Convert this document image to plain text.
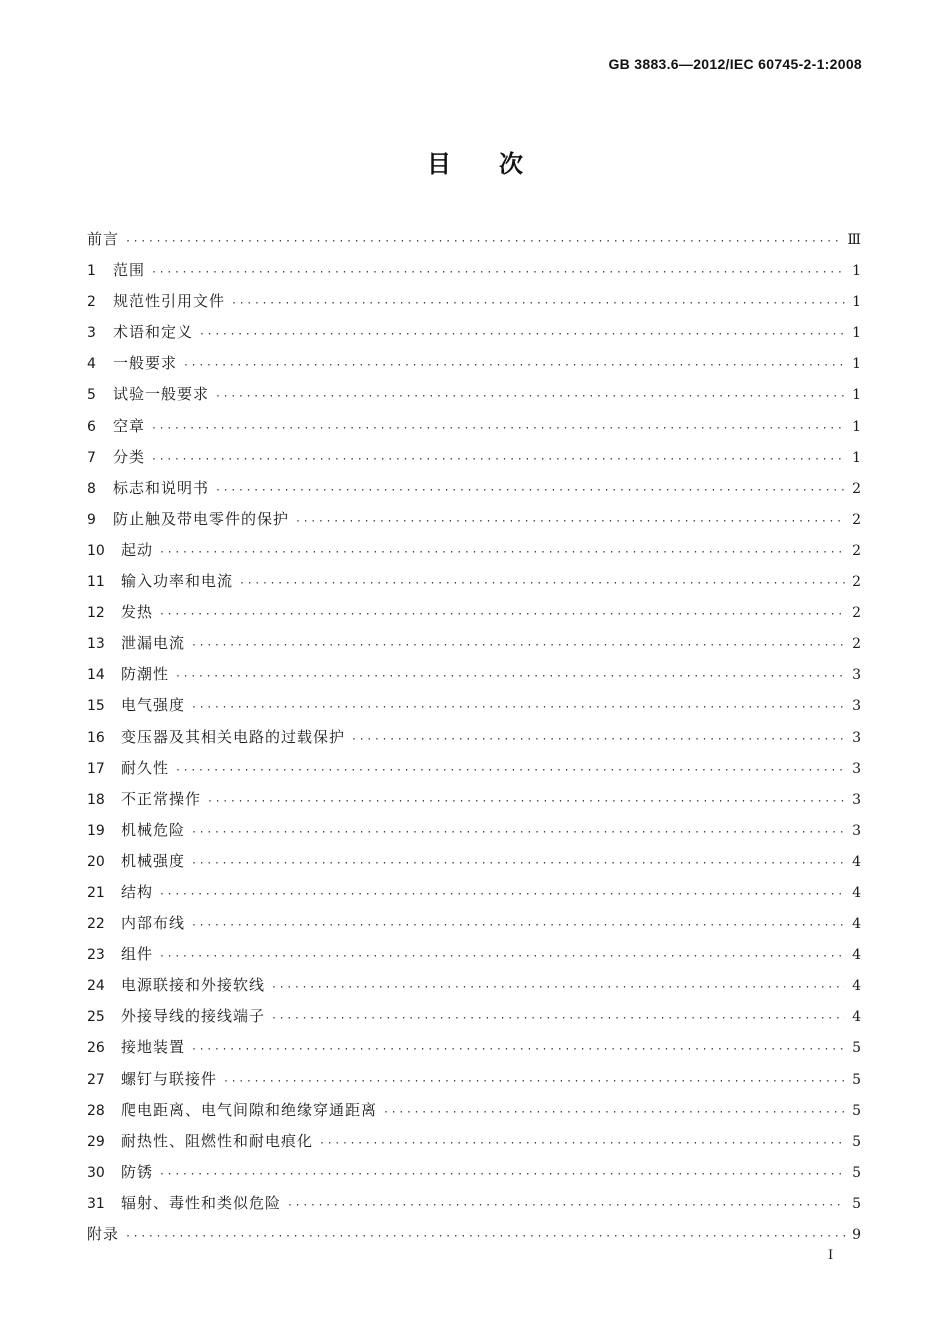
GB 3883.6—2012/IEC 60745-2-1:2008
目 次
前言 ·····	Ⅲ
1	范围 ·····	1
2	规范性引用文件 ·····	1
3	术语和定义 ·····	1
4	一般要求 ·····	1
5	试验一般要求 ·····	1
6	空章 ·····	1
7	分类 ·····	1
8	标志和说明书 ·····	2
9	防止触及带电零件的保护 ·····	2
10	起动 ·····	2
11	输入功率和电流 ·····	2
12	发热 ·····	2
13	泄漏电流 ·····	2
14	防潮性 ·····	3
15	电气强度 ·····	3
16	变压器及其相关电路的过载保护 ·····	3
17	耐久性 ·····	3
18	不正常操作 ·····	3
19	机械危险 ·····	3
20	机械强度 ·····	4
21	结构 ·····	4
22	内部布线 ·····	4
23	组件 ·····	4
24	电源联接和外接软线 ·····	4
25	外接导线的接线端子 ·····	4
26	接地装置 ·····	5
27	螺钉与联接件 ·····	5
28	爬电距离、电气间隙和绝缘穿通距离 ·····	5
29	耐热性、阻燃性和耐电痕化 ·····	5
30	防锈 ·····	5
31	辐射、毒性和类似危险 ·····	5
附录 ·····	9
I
